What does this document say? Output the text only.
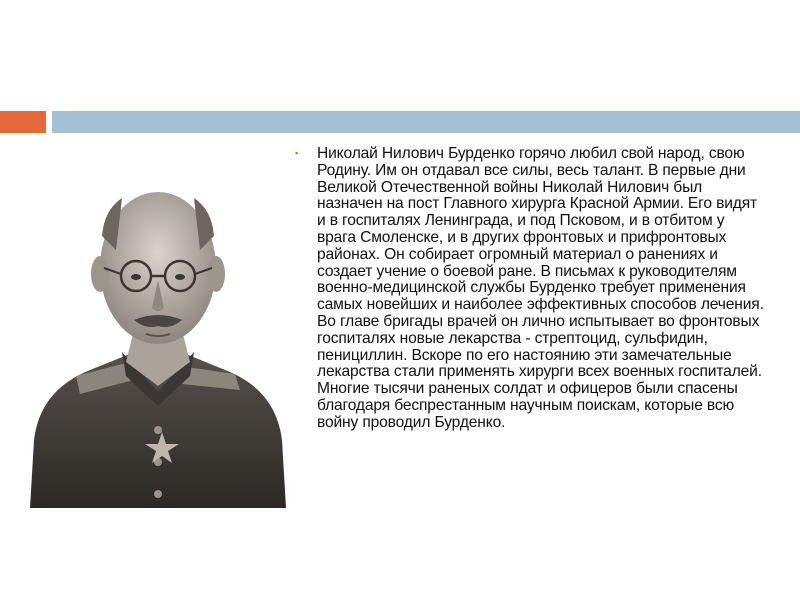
▪ Николай Нилович Бурденко горячо любил свой народ, свою Родину. Им он отдавал все силы, весь талант. В первые дни Великой Отечественной войны Николай Нилович был назначен на пост Главного хирурга Красной Армии. Его видят и в госпиталях Ленинграда, и под Псковом, и в отбитом у врага Смоленске, и в других фронтовых и прифронтовых районах. Он собирает огромный материал о ранениях и создает учение о боевой ране. В письмах к руководителям военно-медицинской службы Бурденко требует применения самых новейших и наиболее эффективных способов лечения.

Во главе бригады врачей он лично испытывает во фронтовых госпиталях новые лекарства - стрептоцид, сульфидин, пенициллин. Вскоре по его настоянию эти замечательные лекарства стали применять хирурги всех военных госпиталей. Многие тысячи раненых солдат и офицеров были спасены благодаря беспрестанным научным поискам, которые всю войну проводил Бурденко.
